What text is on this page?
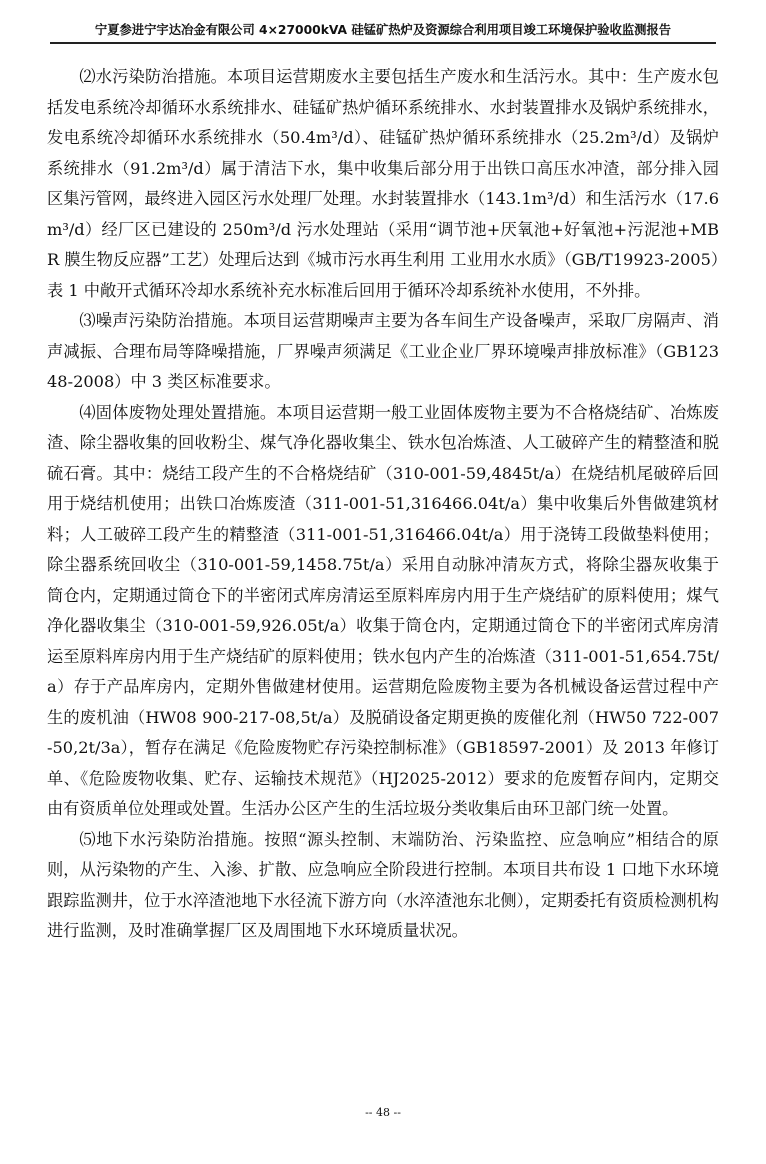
宁夏参进宁宇达冶金有限公司 4×27000kVA 硅锰矿热炉及资源综合利用项目竣工环境保护验收监测报告

⑵水污染防治措施。本项目运营期废水主要包括生产废水和生活污水。其中：生产废水包括发电系统冷却循环水系统排水、硅锰矿热炉循环系统排水、水封装置排水及锅炉系统排水，发电系统冷却循环水系统排水（50.4m³/d）、硅锰矿热炉循环系统排水（25.2m³/d）及锅炉系统排水（91.2m³/d）属于清洁下水，集中收集后部分用于出铁口高压水冲渣，部分排入园区集污管网，最终进入园区污水处理厂处理。水封装置排水（143.1m³/d）和生活污水（17.6m³/d）经厂区已建设的 250m³/d 污水处理站（采用“调节池+厌氧池+好氧池+污泥池+MBR 膜生物反应器”工艺）处理后达到《城市污水再生利用 工业用水水质》（GB/T19923-2005）表 1 中敞开式循环冷却水系统补充水标准后回用于循环冷却系统补水使用，不外排。

⑶噪声污染防治措施。本项目运营期噪声主要为各车间生产设备噪声，采取厂房隔声、消声减振、合理布局等降噪措施，厂界噪声须满足《工业企业厂界环境噪声排放标准》（GB12348-2008）中 3 类区标准要求。

⑷固体废物处理处置措施。本项目运营期一般工业固体废物主要为不合格烧结矿、冶炼废渣、除尘器收集的回收粉尘、煤气净化器收集尘、铁水包冶炼渣、人工破碎产生的精整渣和脱硫石膏。其中：烧结工段产生的不合格烧结矿（310-001-59,4845t/a）在烧结机尾破碎后回用于烧结机使用；出铁口冶炼废渣（311-001-51,316466.04t/a）集中收集后外售做建筑材料；人工破碎工段产生的精整渣（311-001-51,316466.04t/a）用于浇铸工段做垫料使用；除尘器系统回收尘（310-001-59,1458.75t/a）采用自动脉冲清灰方式，将除尘器灰收集于筒仓内，定期通过筒仓下的半密闭式库房清运至原料库房内用于生产烧结矿的原料使用；煤气净化器收集尘（310-001-59,926.05t/a）收集于筒仓内，定期通过筒仓下的半密闭式库房清运至原料库房内用于生产烧结矿的原料使用；铁水包内产生的冶炼渣（311-001-51,654.75t/a）存于产品库房内，定期外售做建材使用。运营期危险废物主要为各机械设备运营过程中产生的废机油（HW08 900-217-08,5t/a）及脱硝设备定期更换的废催化剂（HW50 722-007-50,2t/3a），暂存在满足《危险废物贮存污染控制标准》（GB18597-2001）及 2013 年修订单、《危险废物收集、贮存、运输技术规范》（HJ2025-2012）要求的危废暂存间内，定期交由有资质单位处理或处置。生活办公区产生的生活垃圾分类收集后由环卫部门统一处置。

⑸地下水污染防治措施。按照“源头控制、末端防治、污染监控、应急响应”相结合的原则，从污染物的产生、入渗、扩散、应急响应全阶段进行控制。本项目共布设 1 口地下水环境跟踪监测井，位于水淬渣池地下水径流下游方向（水淬渣池东北侧），定期委托有资质检测机构进行监测，及时准确掌握厂区及周围地下水环境质量状况。

-- 48 --
